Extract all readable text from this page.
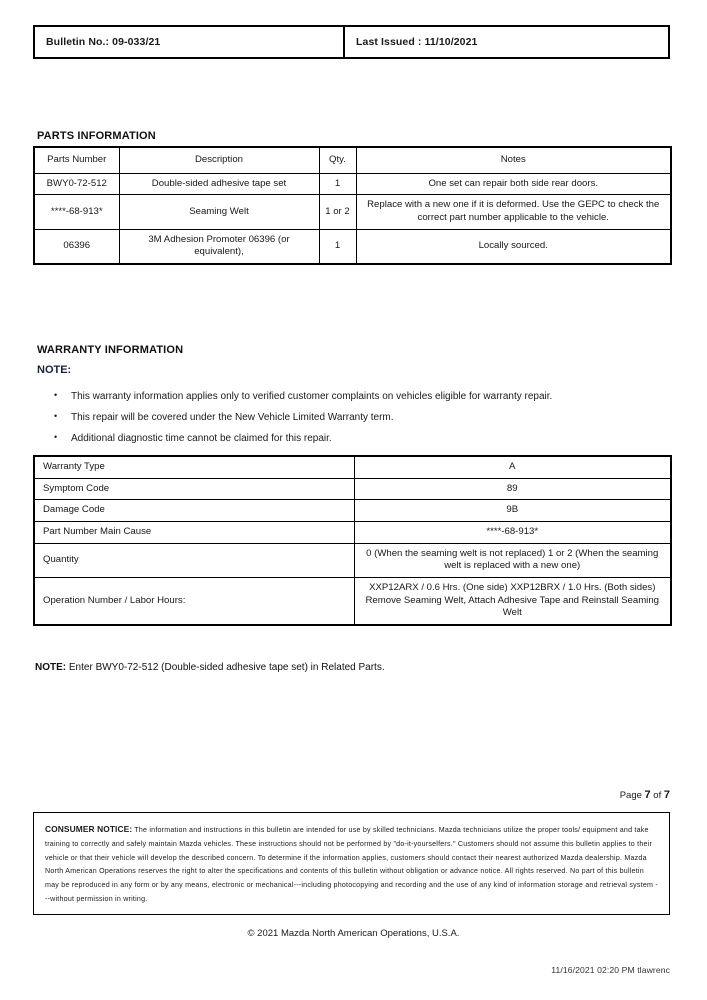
Bulletin No.: 09-033/21	Last Issued : 11/10/2021
PARTS INFORMATION
Parts Number	Description	Qty.	Notes
BWY0-72-512	Double-sided adhesive tape set	1	One set can repair both side rear doors.
****-68-913*	Seaming Welt	1 or 2	Replace with a new one if it is deformed. Use the GEPC to check the correct part number applicable to the vehicle.
06396	3M Adhesion Promoter 06396 (or equivalent),	1	Locally sourced.
WARRANTY INFORMATION
NOTE:
• This warranty information applies only to verified customer complaints on vehicles eligible for warranty repair.
• This repair will be covered under the New Vehicle Limited Warranty term.
• Additional diagnostic time cannot be claimed for this repair.
Warranty Type	A
Symptom Code	89
Damage Code	9B
Part Number Main Cause	****-68-913*
Quantity	0 (When the seaming welt is not replaced) 1 or 2 (When the seaming welt is replaced with a new one)
Operation Number / Labor Hours:	XXP12ARX / 0.6 Hrs. (One side) XXP12BRX / 1.0 Hrs. (Both sides) Remove Seaming Welt, Attach Adhesive Tape and Reinstall Seaming Welt
NOTE: Enter BWY0-72-512 (Double-sided adhesive tape set) in Related Parts.
Page 7 of 7
CONSUMER NOTICE: The information and instructions in this bulletin are intended for use by skilled technicians. Mazda technicians utilize the proper tools/ equipment and take training to correctly and safely maintain Mazda vehicles. These instructions should not be performed by "do-it-yourselfers." Customers should not assume this bulletin applies to their vehicle or that their vehicle will develop the described concern. To determine if the information applies, customers should contact their nearest authorized Mazda dealership. Mazda North American Operations reserves the right to alter the specifications and contents of this bulletin without obligation or advance notice. All rights reserved. No part of this bulletin may be reproduced in any form or by any means, electronic or mechanical---including photocopying and recording and the use of any kind of information storage and retrieval system ---without permission in writing.
© 2021 Mazda North American Operations, U.S.A.
11/16/2021 02:20 PM tlawrenc
